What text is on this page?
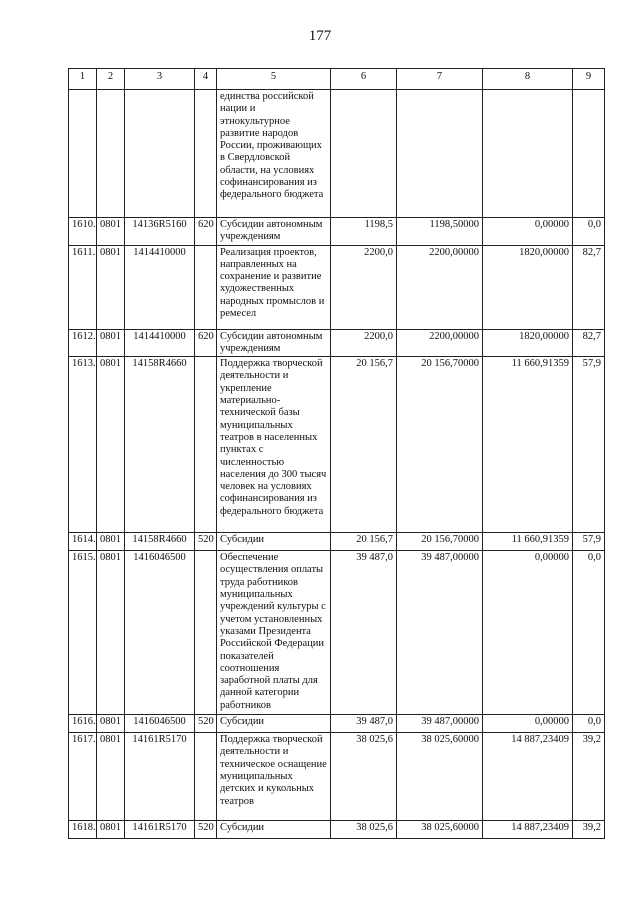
177
1	2	3	4	5	6	7	8	9
				единства российской нации и этнокультурное развитие народов России, проживающих в Свердловской области, на условиях софинансирования из федерального бюджета				
1610.	0801	14136R5160	620	Субсидии автономным учреждениям	1198,5	1198,50000	0,00000	0,0
1611.	0801	1414410000		Реализация проектов, направленных на сохранение и развитие художественных народных промыслов и ремесел	2200,0	2200,00000	1820,00000	82,7
1612.	0801	1414410000	620	Субсидии автономным учреждениям	2200,0	2200,00000	1820,00000	82,7
1613.	0801	14158R4660		Поддержка творческой деятельности и укрепление материально-технической базы муниципальных театров в населенных пунктах с численностью населения до 300 тысяч человек на условиях софинансирования из федерального бюджета	20 156,7	20 156,70000	11 660,91359	57,9
1614.	0801	14158R4660	520	Субсидии	20 156,7	20 156,70000	11 660,91359	57,9
1615.	0801	1416046500		Обеспечение осуществления оплаты труда работников муниципальных учреждений культуры с учетом установленных указами Президента Российской Федерации показателей соотношения заработной платы для данной категории работников	39 487,0	39 487,00000	0,00000	0,0
1616.	0801	1416046500	520	Субсидии	39 487,0	39 487,00000	0,00000	0,0
1617.	0801	14161R5170		Поддержка творческой деятельности и техническое оснащение муниципальных детских и кукольных театров	38 025,6	38 025,60000	14 887,23409	39,2
1618.	0801	14161R5170	520	Субсидии	38 025,6	38 025,60000	14 887,23409	39,2
